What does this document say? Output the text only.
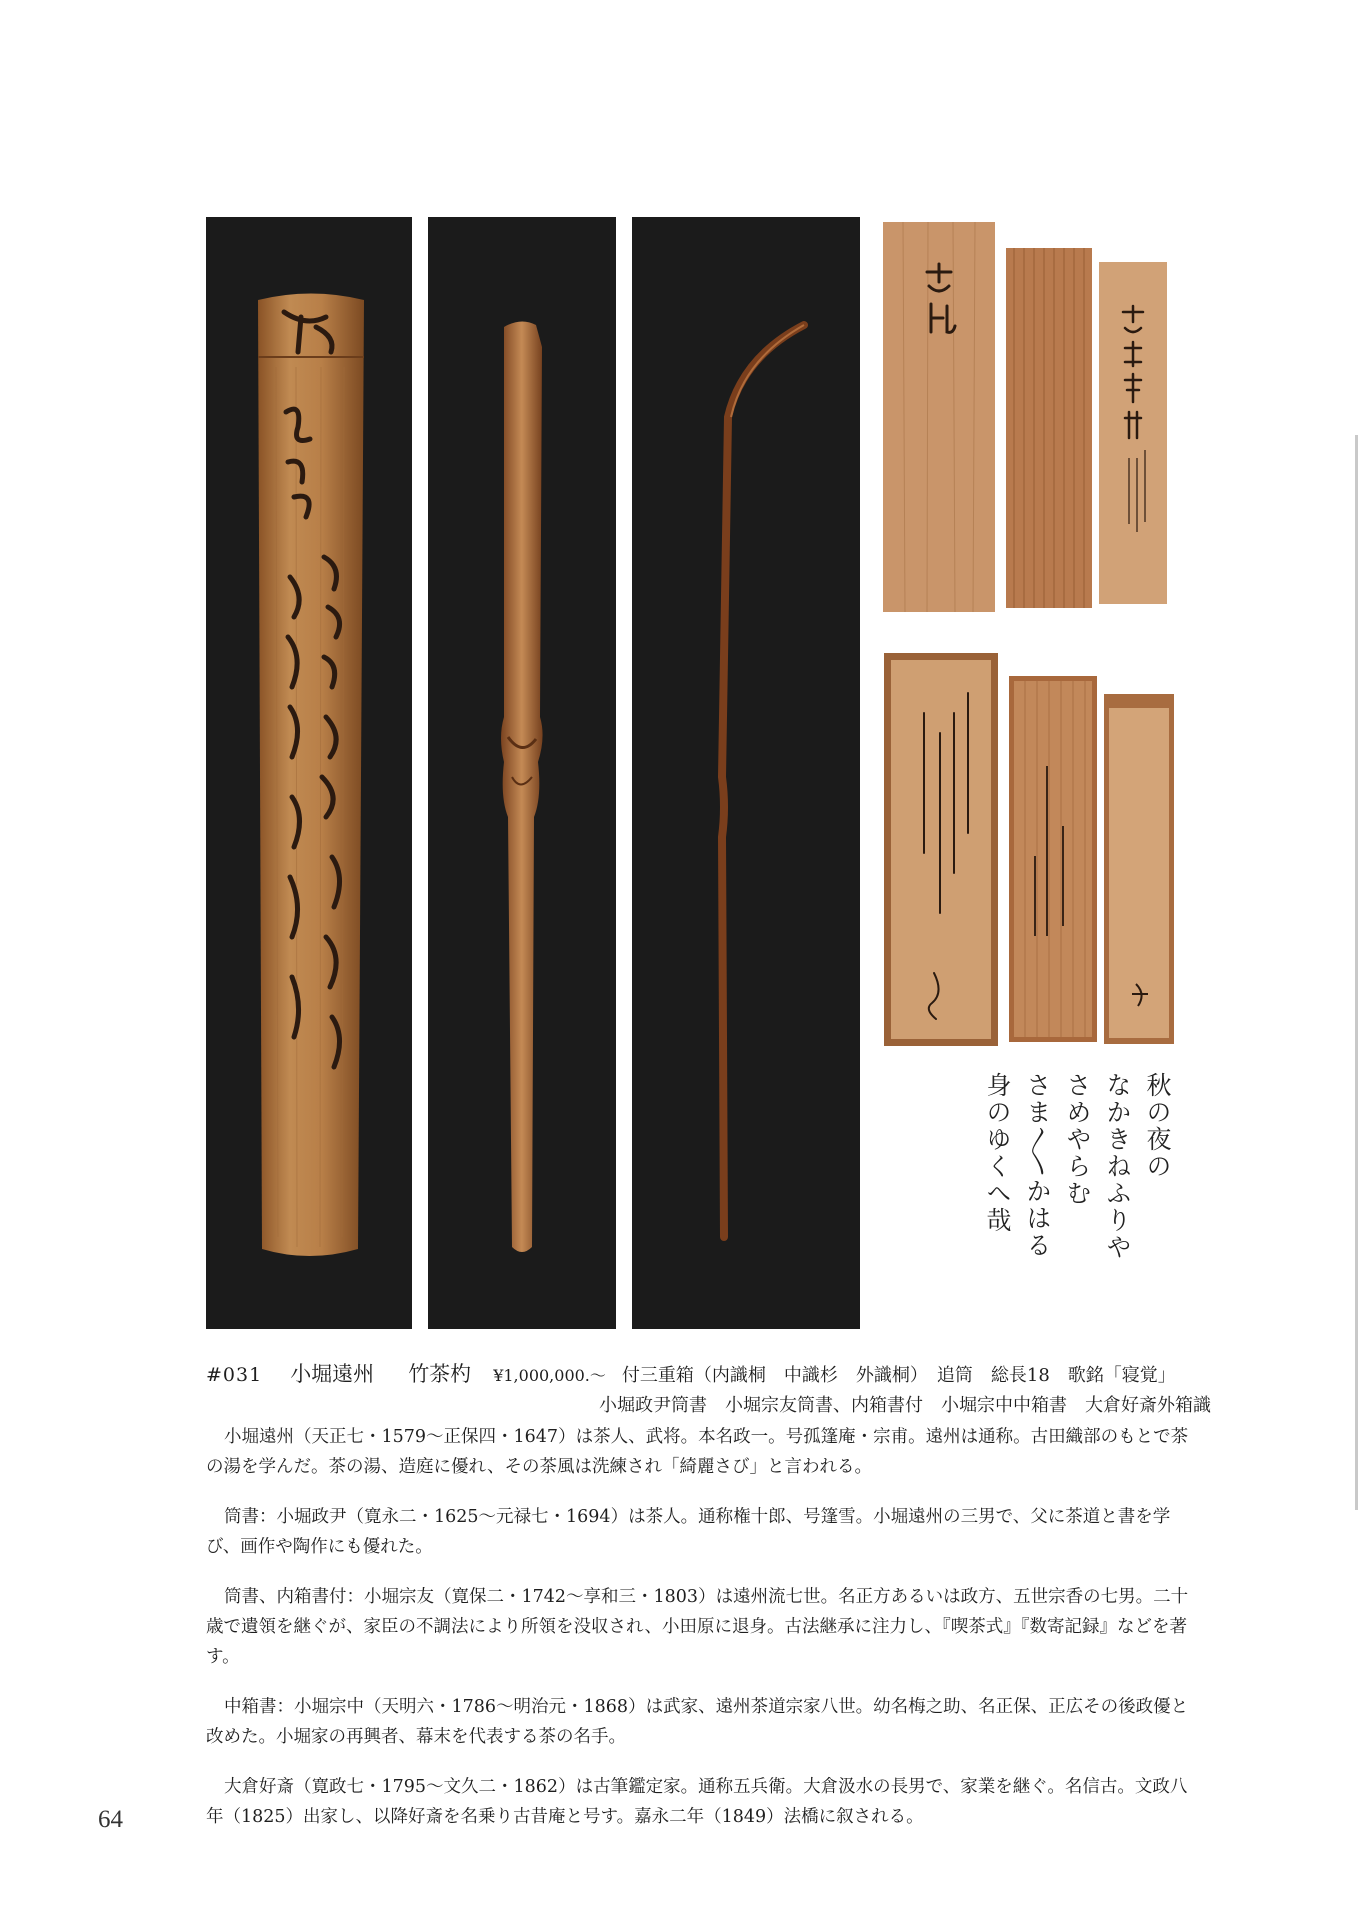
秋の夜の
なかきねふりや
さめやらむ
さま〱かはる
身のゆくへ哉
#031 小堀遠州 竹茶杓 ¥1,000,000.～ 付三重箱（内識桐　中識杉　外識桐）　追筒　総長18　歌銘「寝覚」
小堀政尹筒書　小堀宗友筒書、内箱書付　小堀宗中中箱書　大倉好斎外箱識

小堀遠州（天正七・1579～正保四・1647）は茶人、武将。本名政一。号孤篷庵・宗甫。遠州は通称。古田織部のもとで茶の湯を学んだ。茶の湯、造庭に優れ、その茶風は洗練され「綺麗さび」と言われる。

筒書：小堀政尹（寛永二・1625～元禄七・1694）は茶人。通称権十郎、号篷雪。小堀遠州の三男で、父に茶道と書を学び、画作や陶作にも優れた。

筒書、内箱書付：小堀宗友（寛保二・1742～享和三・1803）は遠州流七世。名正方あるいは政方、五世宗香の七男。二十歳で遺領を継ぐが、家臣の不調法により所領を没収され、小田原に退身。古法継承に注力し、『喫茶式』『数寄記録』などを著す。

中箱書：小堀宗中（天明六・1786～明治元・1868）は武家、遠州茶道宗家八世。幼名梅之助、名正保、正広その後政優と改めた。小堀家の再興者、幕末を代表する茶の名手。

大倉好斎（寛政七・1795～文久二・1862）は古筆鑑定家。通称五兵衛。大倉汲水の長男で、家業を継ぐ。名信古。文政八年（1825）出家し、以降好斎を名乗り古昔庵と号す。嘉永二年（1849）法橋に叙される。

64
